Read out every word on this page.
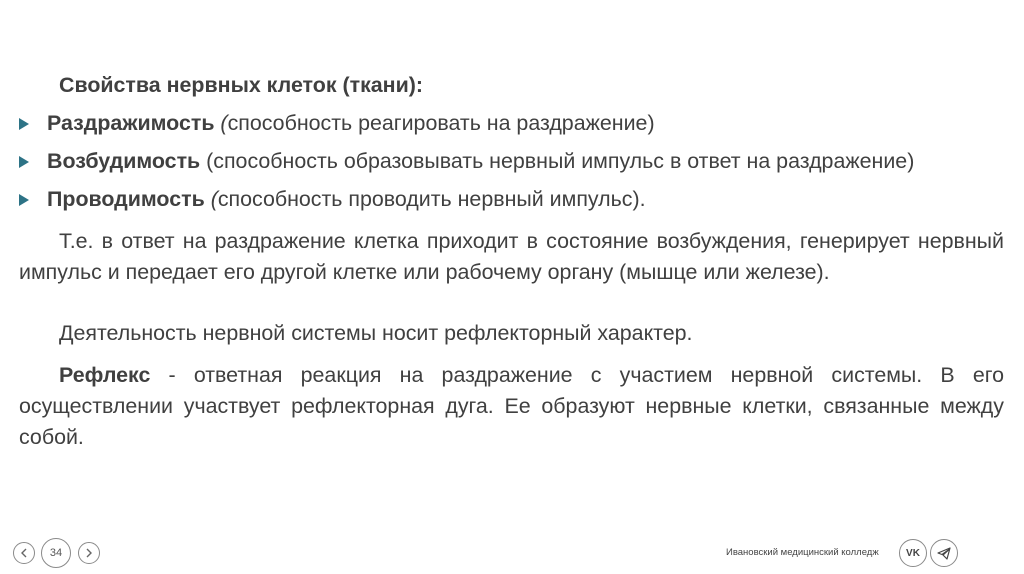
Свойства нервных клеток (ткани):
Раздражимость (способность реагировать на раздражение)
Возбудимость (способность образовывать нервный импульс в ответ на раздражение)
Проводимость (способность проводить нервный импульс).

Т.е. в ответ на раздражение клетка приходит в состояние возбуждения, генерирует нервный импульс и передает его другой клетке или рабочему органу (мышце или железе).

Деятельность нервной системы носит рефлекторный характер.

Рефлекс - ответная реакция на раздражение с участием нервной системы. В его осуществлении участвует рефлекторная дуга. Ее образуют нервные клетки, связанные между собой.

34	Ивановский медицинский колледж	VK
